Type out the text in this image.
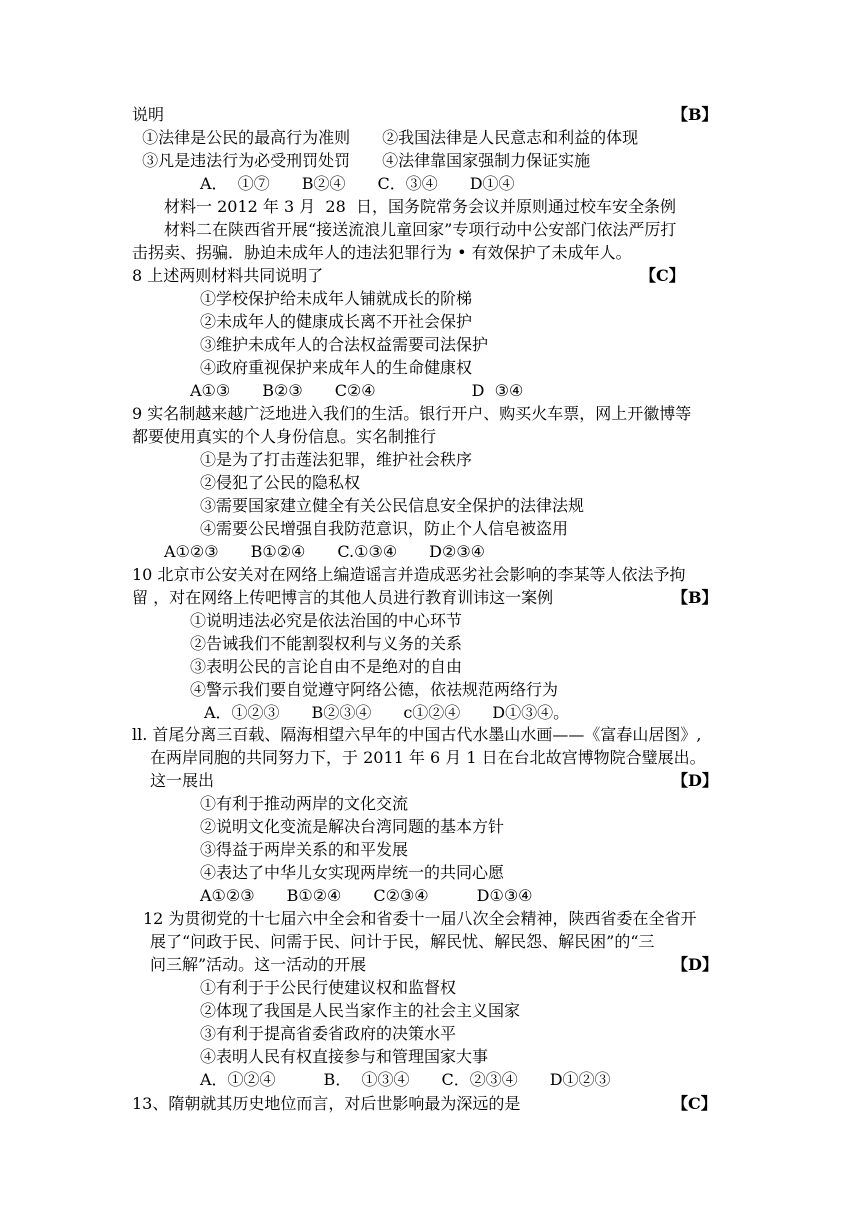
说明	【B】
①法律是公民的最高行为准则　　②我国法律是人民意志和利益的体现
③凡是违法行为必受刑罚处罚　　④法律靠国家强制力保证实施
A．  ①⑦　　B②④　　C．③④　　D①④
材料一 2012 年 3 月  28  日，国务院常务会议并原则通过校车安全条例
材料二在陕西省开展“接送流浪儿童回家”专项行动中公安部门依法严厉打
击拐卖、拐骗．胁迫未成年人的违法犯罪行为 • 有效保护了未成年人。
8 上述两则材料共同说明了	【C】
①学校保护给未成年人铺就成长的阶梯
②未成年人的健康成长离不开社会保护
③维护未成年人的合法权益需要司法保护
④政府重视保护来成年人的生命健康权
A①③　　B②③　　C②④　　　　　　D  ③④
9 实名制越来越广泛地进入我们的生活。银行开户、购买火车票，网上开徽博等
都要使用真实的个人身份信息。实名制推行
①是为了打击莲法犯罪，维护社会秩序
②侵犯了公民的隐私权
③需要国家建立健全有关公民信息安全保护的法律法规
④需要公民增强自我防范意识，防止个人信皂被盗用
A①②③　　B①②④　　C.①③④　　D②③④
10 北京市公安关对在网络上编造谣言并造成恶劣社会影响的李某等人依法予拘
留 ，对在网络上传吧博言的其他人员进行教育训讳这一案例	【B】
①说明违法必究是依法治国的中心环节
②告诫我们不能割裂权利与义务的关系
③表明公民的言论自由不是绝对的自由
④警示我们要自觉遵守阿络公德，依祛规范两络行为
A．①②③　　B②③④　　c①②④　　D①③④。
ll. 首尾分离三百载、隔海相望六早年的中国古代水墨山水画——《富春山居图》,
在两岸同胞的共同努力下，于 2011 年 6 月 1 日在台北故宫博物院合璧展出。
这一展出	【D】
①有利于推动两岸的文化交流
②说明文化变流是解决台湾同题的基本方针
③得益于两岸关系的和平发展
④表达了中华儿女实现两岸统一的共同心愿
A①②③　　B①②④　　C②③④　　　D①③④
12 为贯彻党的十七届六中全会和省委十一届八次全会精神，陕西省委在全省开
展了“问政于民、问需于民、问计于民，解民忧、解民怨、解民困”的“三
问三解”活动。这一活动的开展	【D】
①有利于于公民行使建议权和监督权
②体现了我国是人民当家作主的社会主义国家
③有利于提高省委省政府的决策水平
④表明人民有权直接参与和管理国家大事
A．①②④　　　B．  ①③④　　C．②③④　　D①②③
13、隋朝就其历史地位而言，对后世影响最为深远的是	【C】
